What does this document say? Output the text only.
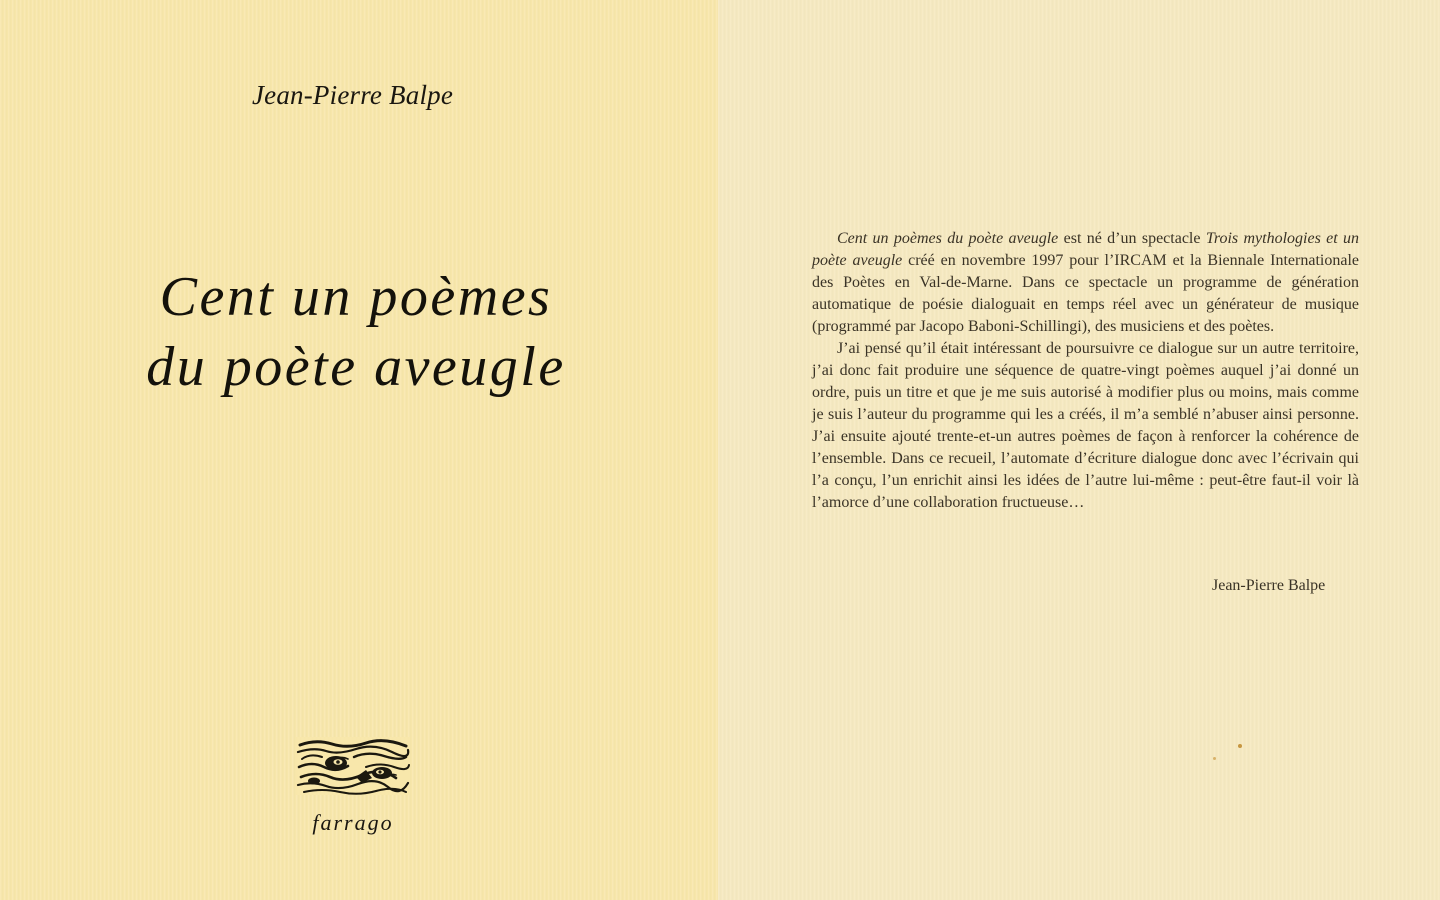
Jean-Pierre Balpe
Cent un poèmes
du poète aveugle
farrago

Cent un poèmes du poète aveugle est né d’un spectacle Trois mythologies et un poète aveugle créé en novembre 1997 pour l’IRCAM et la Biennale Internationale des Poètes en Val-de-Marne. Dans ce spectacle un programme de génération automatique de poésie dialoguait en temps réel avec un générateur de musique (programmé par Jacopo Baboni-Schillingi), des musiciens et des poètes.

J’ai pensé qu’il était intéressant de poursuivre ce dialogue sur un autre territoire, j’ai donc fait produire une séquence de quatre-vingt poèmes auquel j’ai donné un ordre, puis un titre et que je me suis autorisé à modifier plus ou moins, mais comme je suis l’auteur du programme qui les a créés, il m’a semblé n’abuser ainsi personne. J’ai ensuite ajouté trente-et-un autres poèmes de façon à renforcer la cohérence de l’ensemble. Dans ce recueil, l’automate d’écriture dialogue donc avec l’écrivain qui l’a conçu, l’un enrichit ainsi les idées de l’autre lui-même : peut-être faut-il voir là l’amorce d’une collaboration fructueuse…

Jean-Pierre Balpe
